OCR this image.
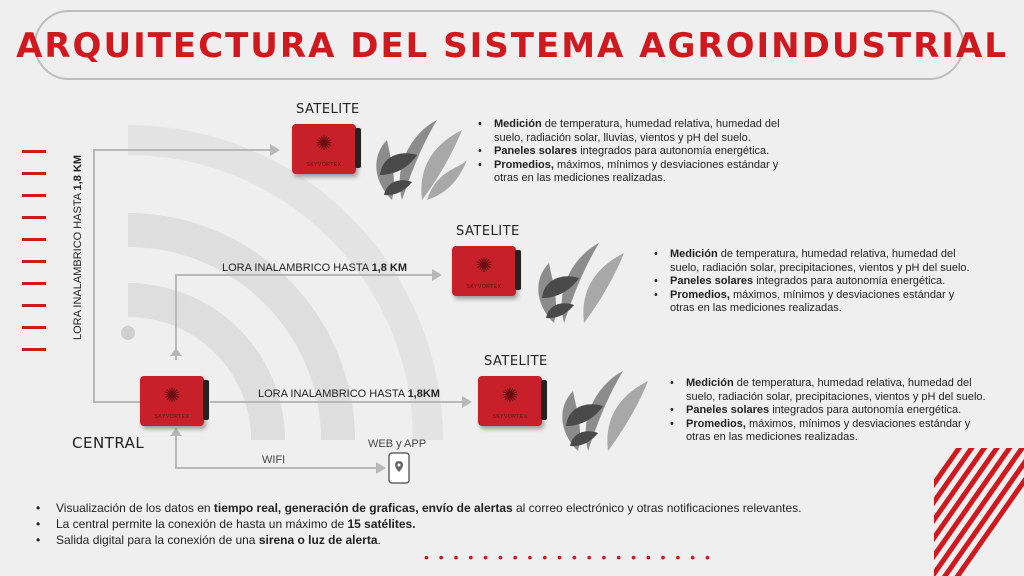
ARQUITECTURA DEL SISTEMA AGROINDUSTRIAL
• • • • • • • • • • • • • • • • • • • •
LORA INALAMBRICO HASTA 1,8 KM
SATELITE
✺
SKYVORTEX
• Medición de temperatura, humedad relativa, humedad del suelo, radiación solar, lluvias, vientos y pH del suelo.
• Paneles solares integrados para autonomía energética.
• Promedios, máximos, mínimos y desviaciones estándar y otras en las mediciones realizadas.
SATELITE
✺
SKYVORTEX
• Medición de temperatura, humedad relativa, humedad del suelo, radiación solar, precipitaciones, vientos y pH del suelo.
• Paneles solares integrados para autonomía energética.
• Promedios, máximos, mínimos y desviaciones estándar y otras en las mediciones realizadas.
LORA INALAMBRICO HASTA 1,8 KM
SATELITE
✺
SKYVORTEX
• Medición de temperatura, humedad relativa, humedad del suelo, radiación solar, precipitaciones, vientos y pH del suelo.
• Paneles solares integrados para autonomía energética.
• Promedios, máximos, mínimos y desviaciones estándar y otras en las mediciones realizadas.
LORA INALAMBRICO HASTA 1,8KM
✺
SKYVORTEX
CENTRAL
WIFI
WEB y APP
• Visualización de los datos en tiempo real, generación de graficas, envío de alertas al correo electrónico y otras notificaciones relevantes.
• La central permite la conexión de hasta un máximo de 15 satélites.
• Salida digital para la conexión de una sirena o luz de alerta.
